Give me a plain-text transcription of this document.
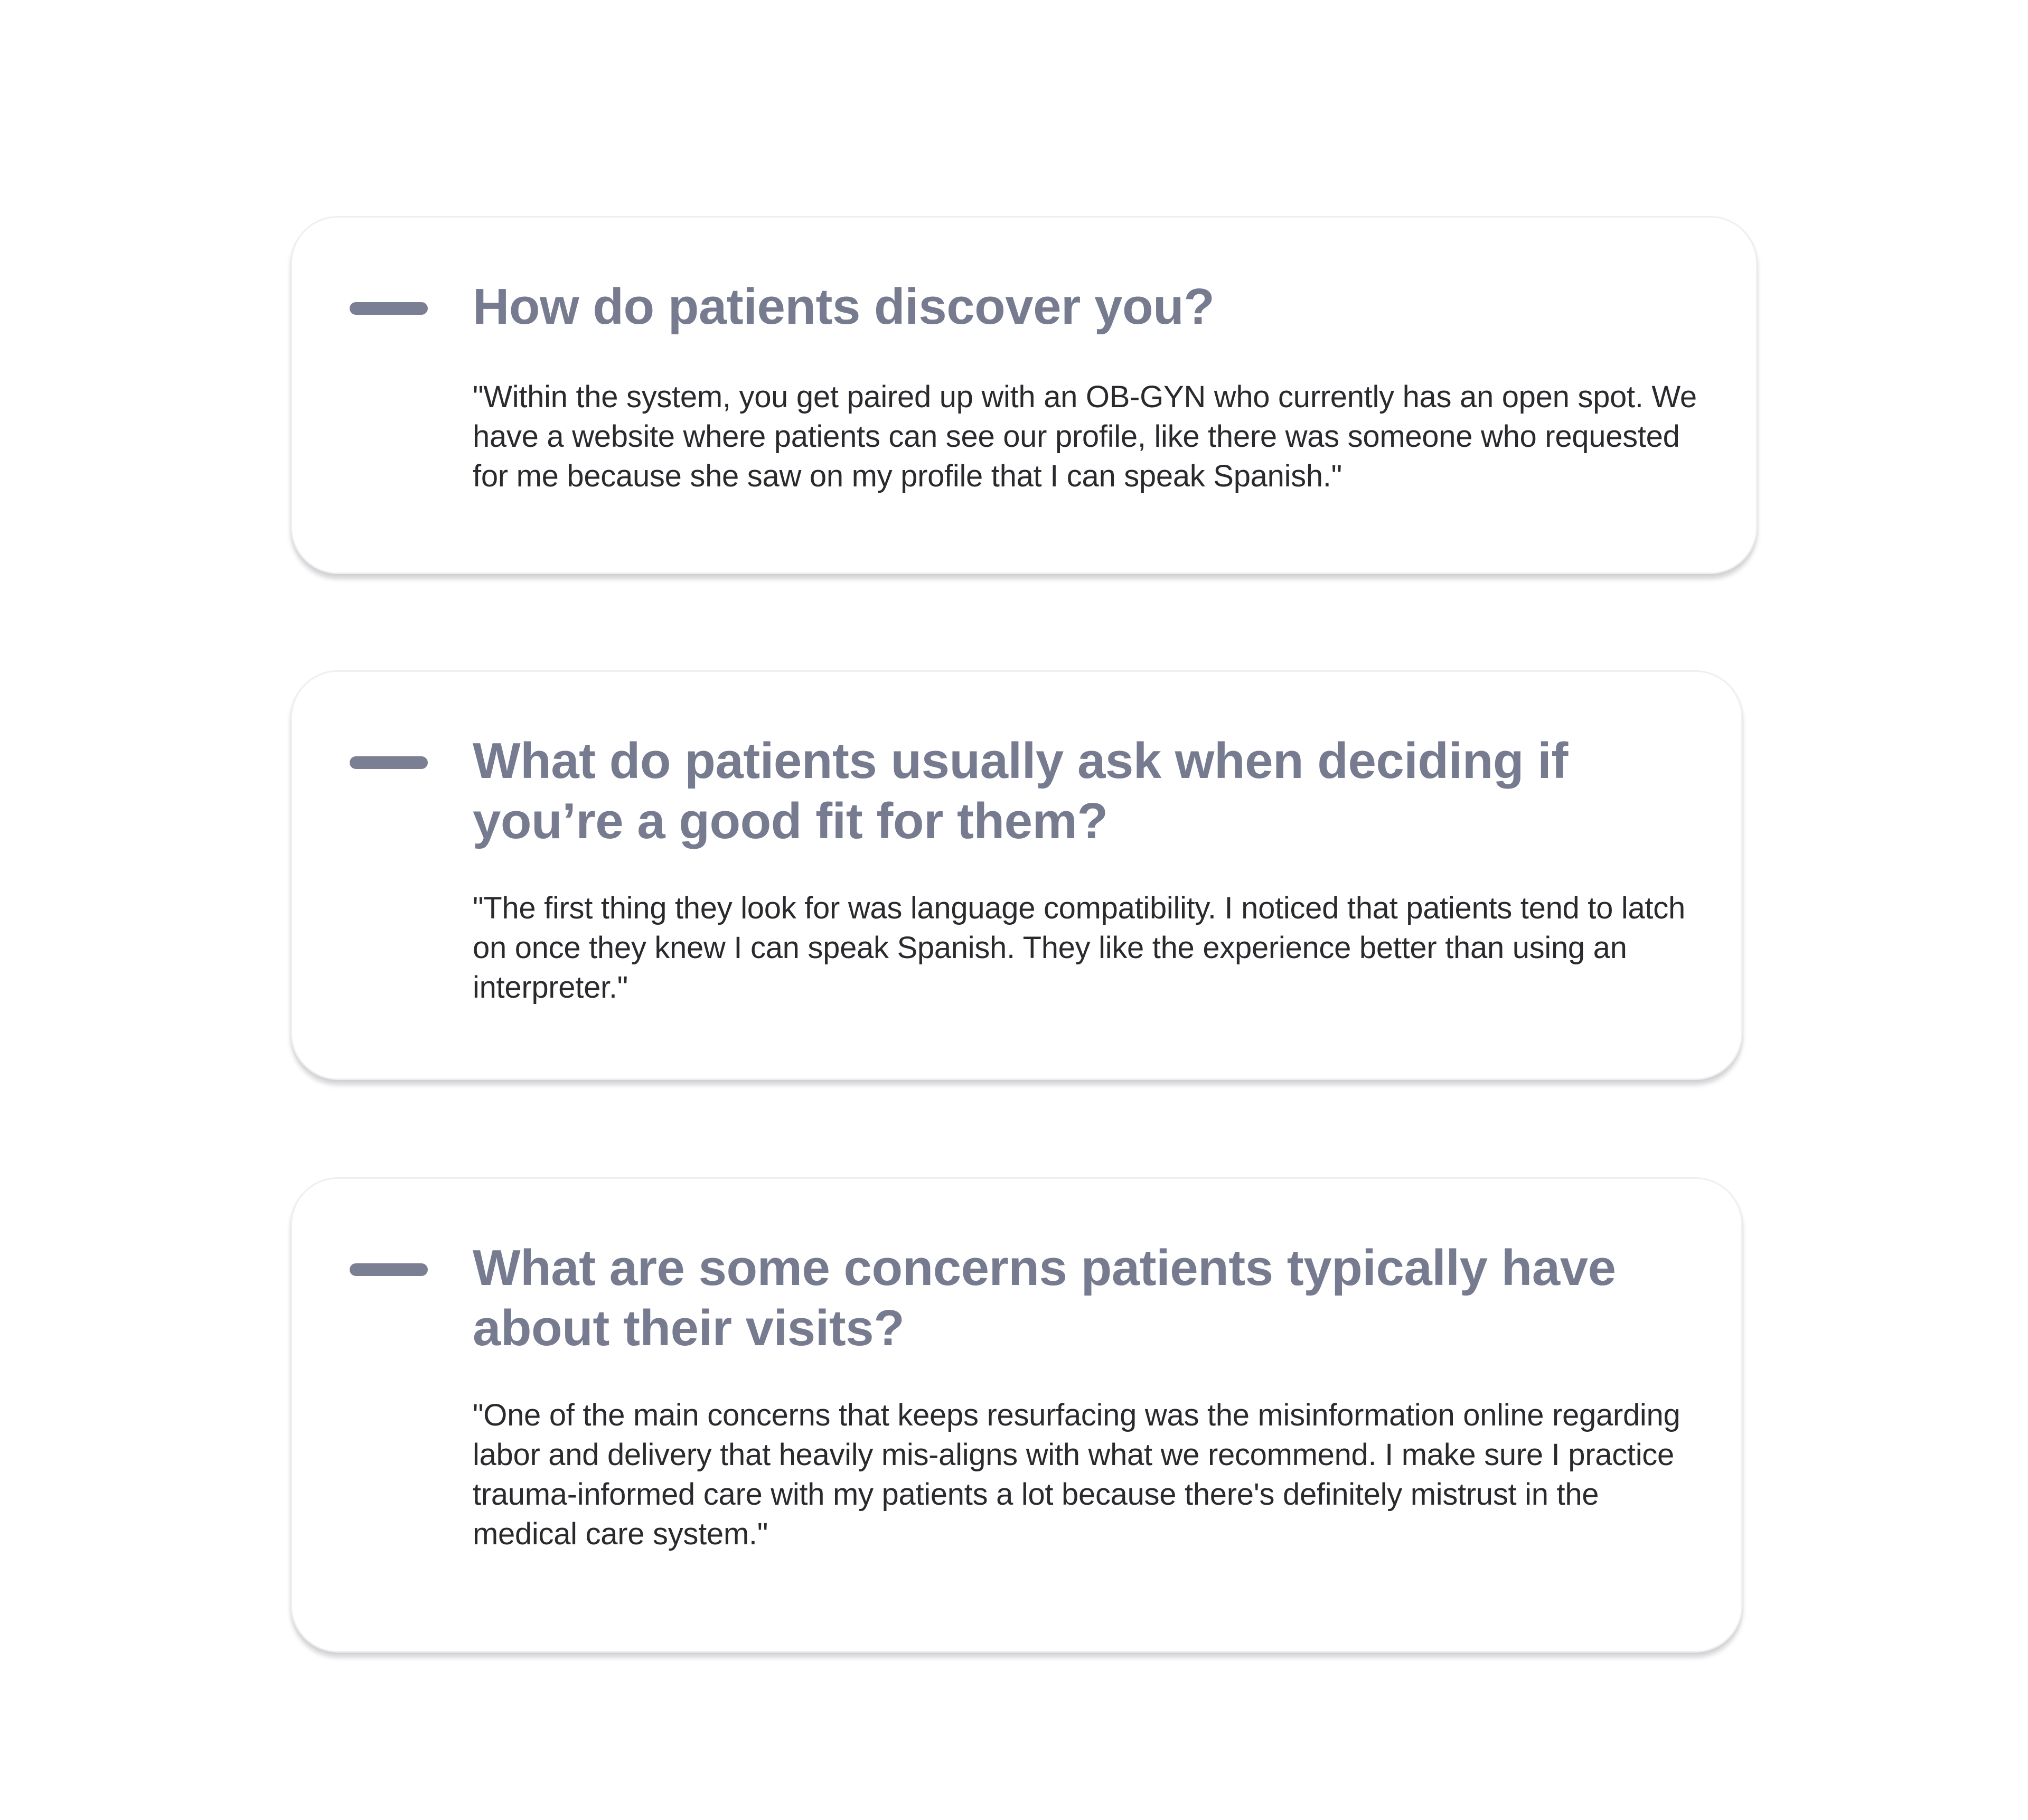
How do patients discover you?

"Within the system, you get paired up with an OB-GYN who currently has an open spot. We have a website where patients can see our profile, like there was someone who requested for me because she saw on my profile that I can speak Spanish."

What do patients usually ask when deciding if you’re a good fit for them?

"The first thing they look for was language compatibility. I noticed that patients tend to latch on once they knew I can speak Spanish. They like the experience better than using an interpreter."

What are some concerns patients typically have about their visits?

"One of the main concerns that keeps resurfacing was the misinformation online regarding labor and delivery that heavily mis-aligns with what we recommend. I make sure I practice trauma-informed care with my patients a lot because there's definitely mistrust in the medical care system."
